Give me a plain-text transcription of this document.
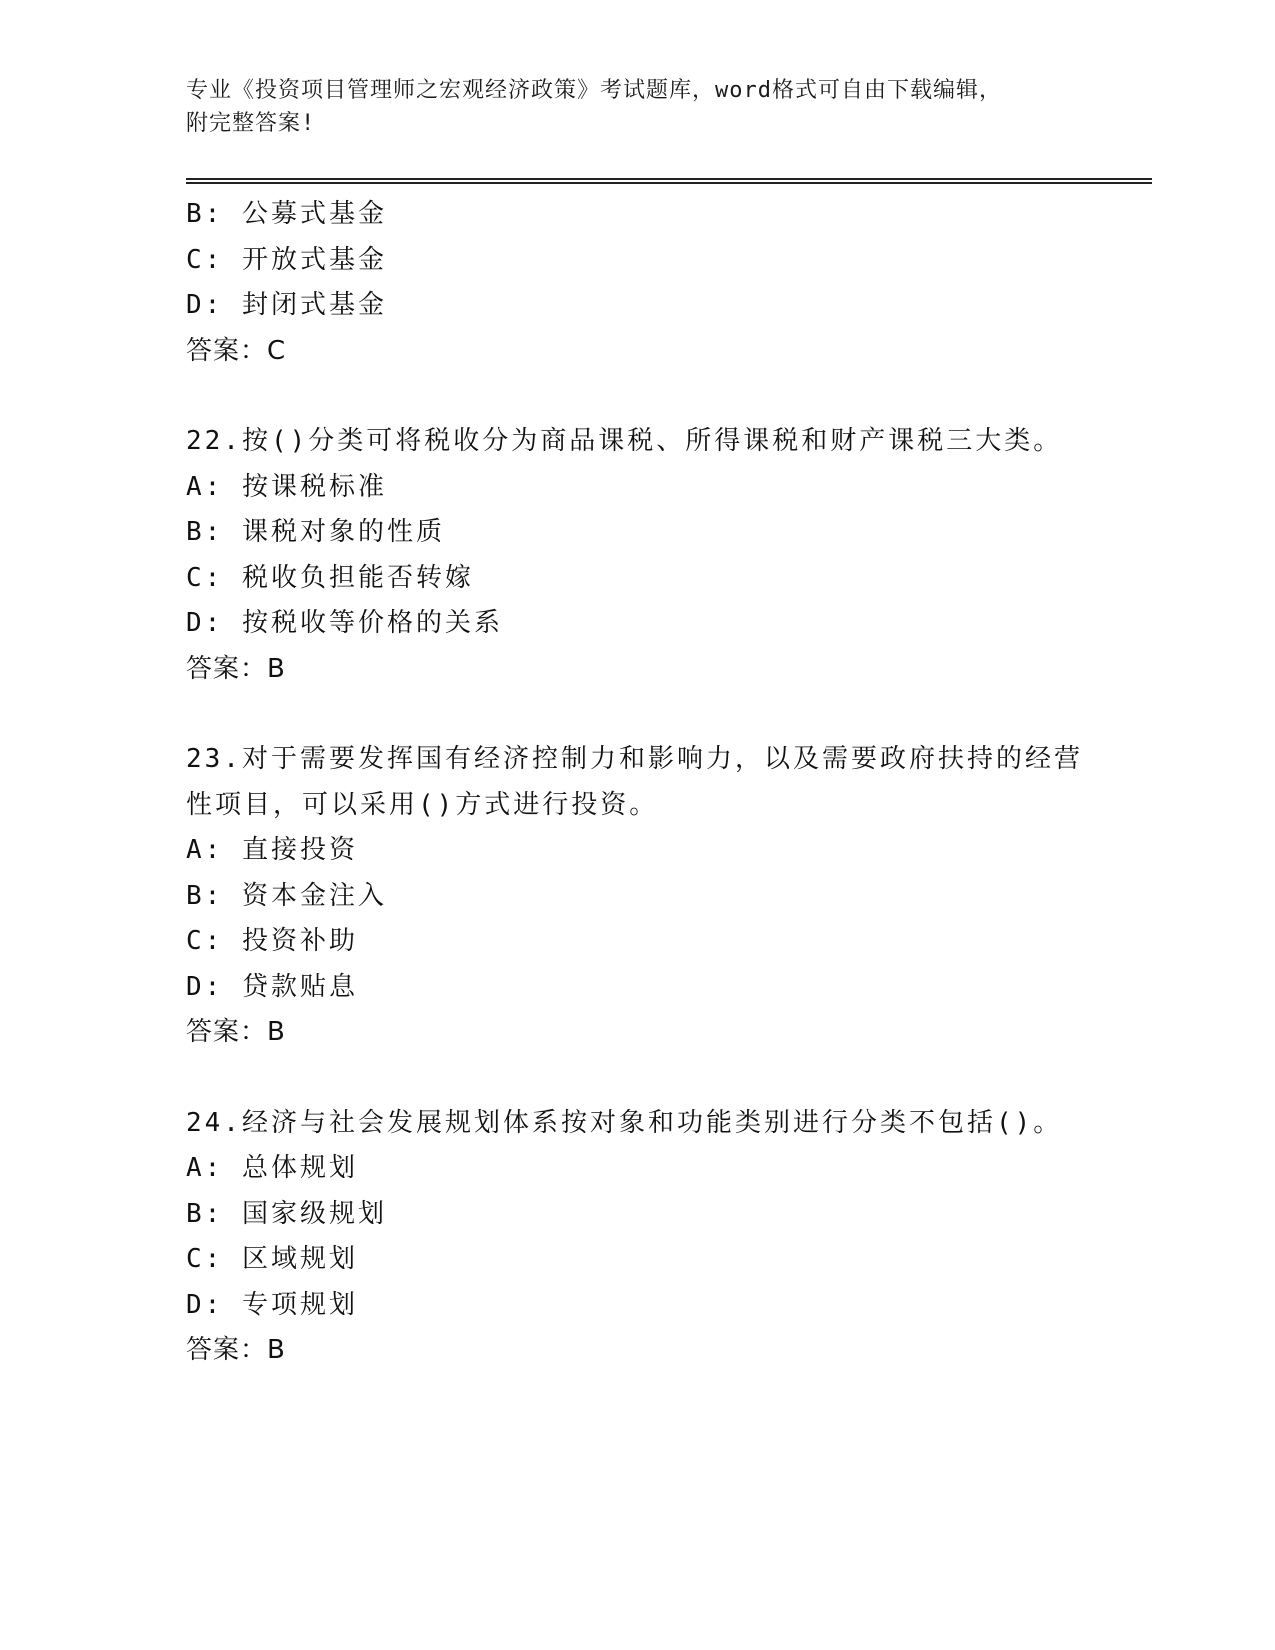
专业《投资项目管理师之宏观经济政策》考试题库，word格式可自由下载编辑，
附完整答案!
B: 公募式基金
C: 开放式基金
D: 封闭式基金
答案：C
22.按()分类可将税收分为商品课税、所得课税和财产课税三大类。
A: 按课税标准
B: 课税对象的性质
C: 税收负担能否转嫁
D: 按税收等价格的关系
答案：B
23.对于需要发挥国有经济控制力和影响力，以及需要政府扶持的经营性项目，可以采用()方式进行投资。
A: 直接投资
B: 资本金注入
C: 投资补助
D: 贷款贴息
答案：B
24.经济与社会发展规划体系按对象和功能类别进行分类不包括()。
A: 总体规划
B: 国家级规划
C: 区域规划
D: 专项规划
答案：B
